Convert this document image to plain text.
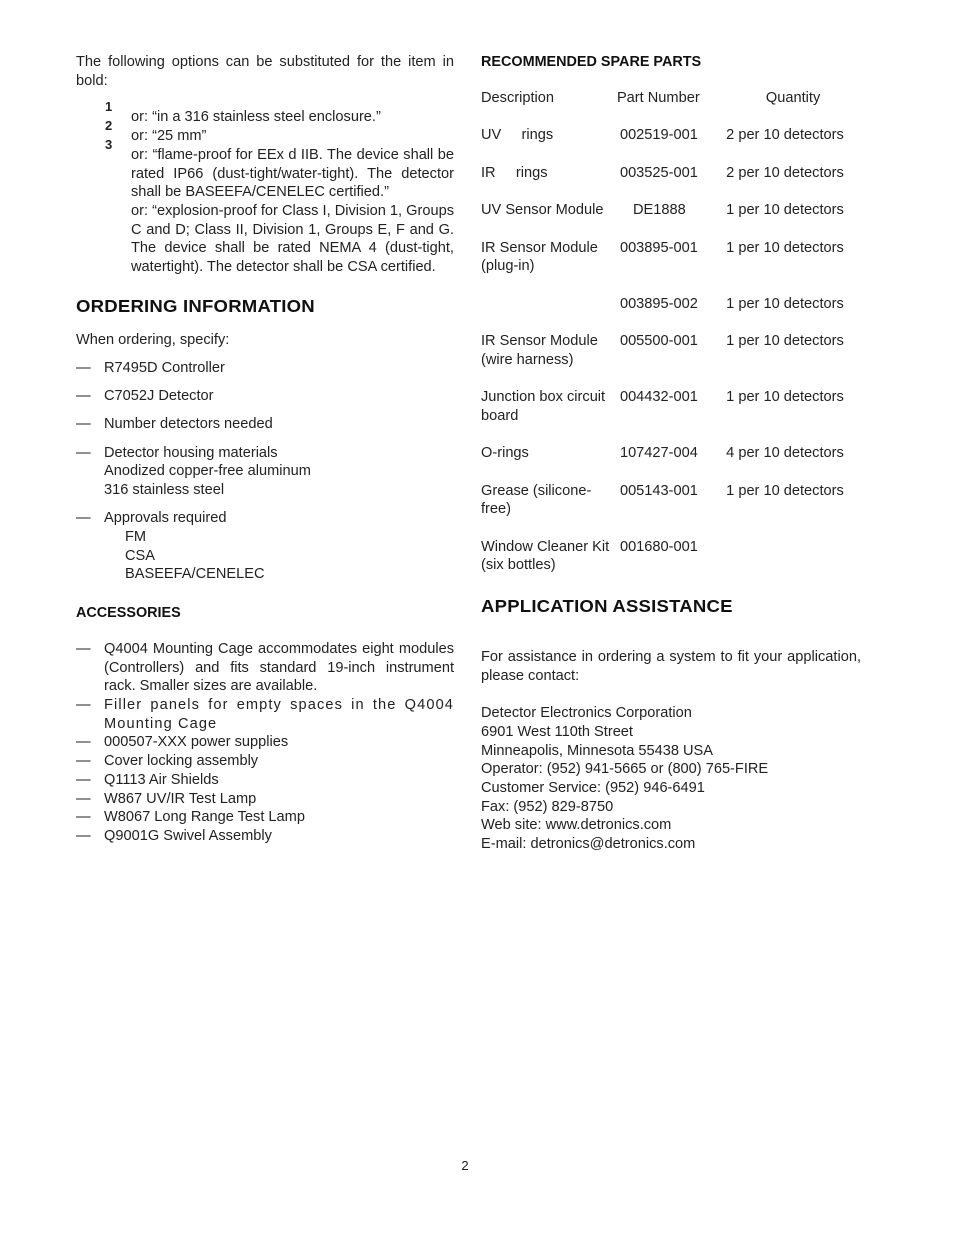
The following options can be substituted for the item in bold:

1
2
3

or: “in a 316 stainless steel enclosure.”

or: “25 mm”

or: “flame-proof for EEx d IIB. The device shall be rated IP66 (dust-tight/water-tight). The detector shall be BASEEFA/CENELEC certified.”

or: “explosion-proof for Class I, Division 1, Groups C and D; Class II, Division 1, Groups E, F and G. The device shall be rated NEMA 4 (dust-tight, watertight). The detector shall be CSA certified.

ORDERING INFORMATION

When ordering, specify:

— R7495D Controller
— C7052J Detector
— Number detectors needed
— Detector housing materials
Anodized copper-free aluminum
316 stainless steel
— Approvals required
FM
CSA
BASEEFA/CENELEC
ACCESSORIES
— Q4004 Mounting Cage accommodates eight modules (Controllers) and fits standard 19-inch instrument rack. Smaller sizes are available.
— Filler panels for empty spaces in the Q4004 Mounting Cage
— 000507-XXX power supplies
— Cover locking assembly
— Q1113 Air Shields
— W867 UV/IR Test Lamp
— W8067 Long Range Test Lamp
— Q9001G Swivel Assembly
RECOMMENDED SPARE PARTS
Description	Part Number	Quantity

UV     rings	002519-001	2 per 10 detectors

IR     rings	003525-001	2 per 10 detectors

UV Sensor Module	DE1888	1 per 10 detectors

IR Sensor Module (plug-in)	003895-001	1 per 10 detectors

	003895-002	1 per 10 detectors

IR Sensor Module (wire harness)	005500-001	1 per 10 detectors

Junction box circuit board	004432-001	1 per 10 detectors

O-rings	107427-004	4 per 10 detectors

Grease (silicone-free)	005143-001	1 per 10 detectors

Window Cleaner Kit (six bottles)	001680-001	
APPLICATION ASSISTANCE

For assistance in ordering a system to fit your application, please contact:

Detector Electronics Corporation
6901 West 110th Street
Minneapolis, Minnesota 55438 USA
Operator: (952) 941-5665 or (800) 765-FIRE
Customer Service: (952) 946-6491
Fax: (952) 829-8750
Web site: www.detronics.com
E-mail: detronics@detronics.com
2
